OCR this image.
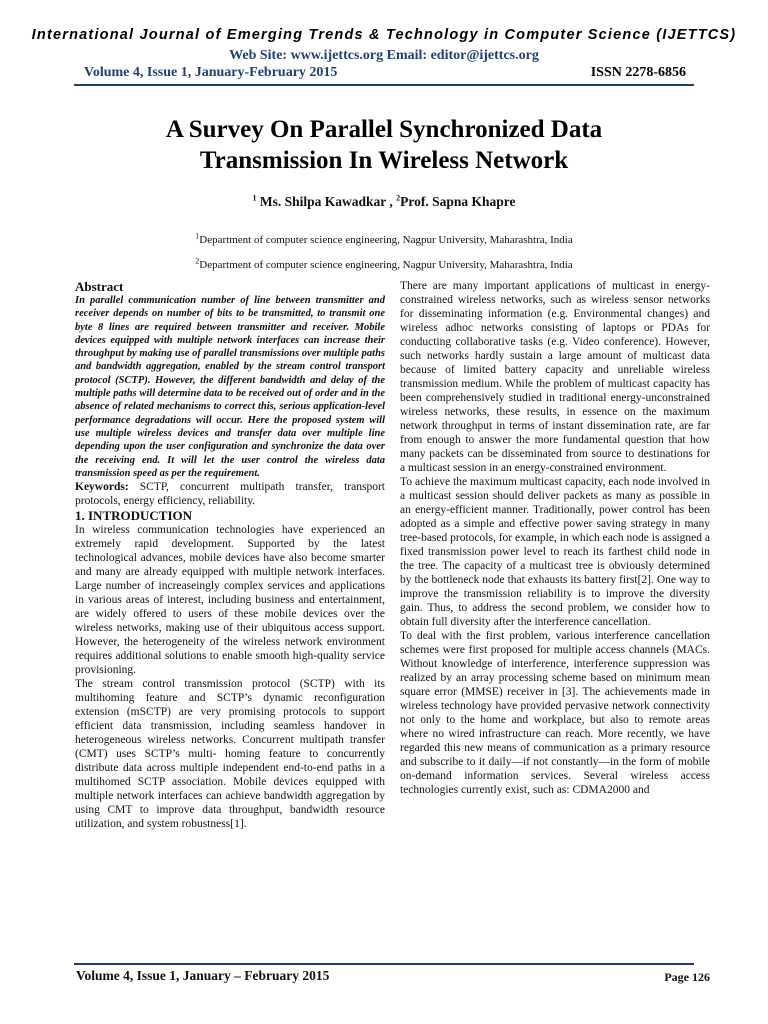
International Journal of Emerging Trends & Technology in Computer Science (IJETTCS)
Web Site: www.ijettcs.org Email: editor@ijettcs.org
Volume 4, Issue 1, January-February 2015	ISSN 2278-6856
A Survey On Parallel Synchronized Data
Transmission In Wireless Network
$^1$ Ms. Shilpa Kawadkar , $^2$Prof. Sapna Khapre
$^1$Department of computer science engineering, Nagpur University, Maharashtra, India
$^2$Department of computer science engineering, Nagpur University, Maharashtra, India

Abstract

In parallel communication number of line between transmitter and receiver depends on number of bits to be transmitted, to transmit one byte 8 lines are required between transmitter and receiver. Mobile devices equipped with multiple network interfaces can increase their throughput by making use of parallel transmissions over multiple paths and bandwidth aggregation, enabled by the stream control transport protocol (SCTP). However, the different bandwidth and delay of the multiple paths will determine data to be received out of order and in the absence of related mechanisms to correct this, serious application-level performance degradations will occur. Here the proposed system will use multiple wireless devices and transfer data over multiple line depending upon the user configuration and synchronize the data over the receiving end. It will let the user control the wireless data transmission speed as per the requirement.

Keywords: SCTP, concurrent multipath transfer, transport protocols, energy efficiency, reliability.

1. INTRODUCTION

In wireless communication technologies have experienced an extremely rapid development. Supported by the latest technological advances, mobile devices have also become smarter and many are already equipped with multiple network interfaces. Large number of increaseingly complex services and applications in various areas of interest, including business and entertainment, are widely offered to users of these mobile devices over the wireless networks, making use of their ubiquitous access support. However, the heterogeneity of the wireless network environment requires additional solutions to enable smooth high-quality service provisioning.

The stream control transmission protocol (SCTP) with its multihoming feature and SCTP’s dynamic reconfiguration extension (mSCTP) are very promising protocols to support efficient data transmission, including seamless handover in heterogeneous wireless networks. Concurrent multipath transfer (CMT) uses SCTP’s multi- homing feature to concurrently distribute data across multiple independent end-to-end paths in a multihomed SCTP association. Mobile devices equipped with multiple network interfaces can achieve bandwidth aggregation by using CMT to improve data throughput, bandwidth resource utilization, and system robustness[1].

There are many important applications of multicast in energy-constrained wireless networks, such as wireless sensor networks for disseminating information (e.g. Environmental changes) and wireless adhoc networks consisting of laptops or PDAs for conducting collaborative tasks (e.g. Video conference). However, such networks hardly sustain a large amount of multicast data because of limited battery capacity and unreliable wireless transmission medium. While the problem of multicast capacity has been comprehensively studied in traditional energy-unconstrained wireless networks, these results, in essence on the maximum network throughput in terms of instant dissemination rate, are far from enough to answer the more fundamental question that how many packets can be disseminated from source to destinations for a multicast session in an energy-constrained environment.

To achieve the maximum multicast capacity, each node involved in a multicast session should deliver packets as many as possible in an energy-efficient manner. Traditionally, power control has been adopted as a simple and effective power saving strategy in many tree-based protocols, for example, in which each node is assigned a fixed transmission power level to reach its farthest child node in the tree. The capacity of a multicast tree is obviously determined by the bottleneck node that exhausts its battery first[2]. One way to improve the transmission reliability is to improve the diversity gain. Thus, to address the second problem, we consider how to obtain full diversity after the interference cancellation.

To deal with the first problem, various interference cancellation schemes were first proposed for multiple access channels (MACs. Without knowledge of interference, interference suppression was realized by an array processing scheme based on minimum mean square error (MMSE) receiver in [3]. The achievements made in wireless technology have provided pervasive network connectivity not only to the home and workplace, but also to remote areas where no wired infrastructure can reach. More recently, we have regarded this new means of communication as a primary resource and subscribe to it daily—if not constantly—in the form of mobile on-demand information services. Several wireless access technologies currently exist, such as: CDMA2000 and

Volume 4, Issue 1, January – February 2015	Page 126
